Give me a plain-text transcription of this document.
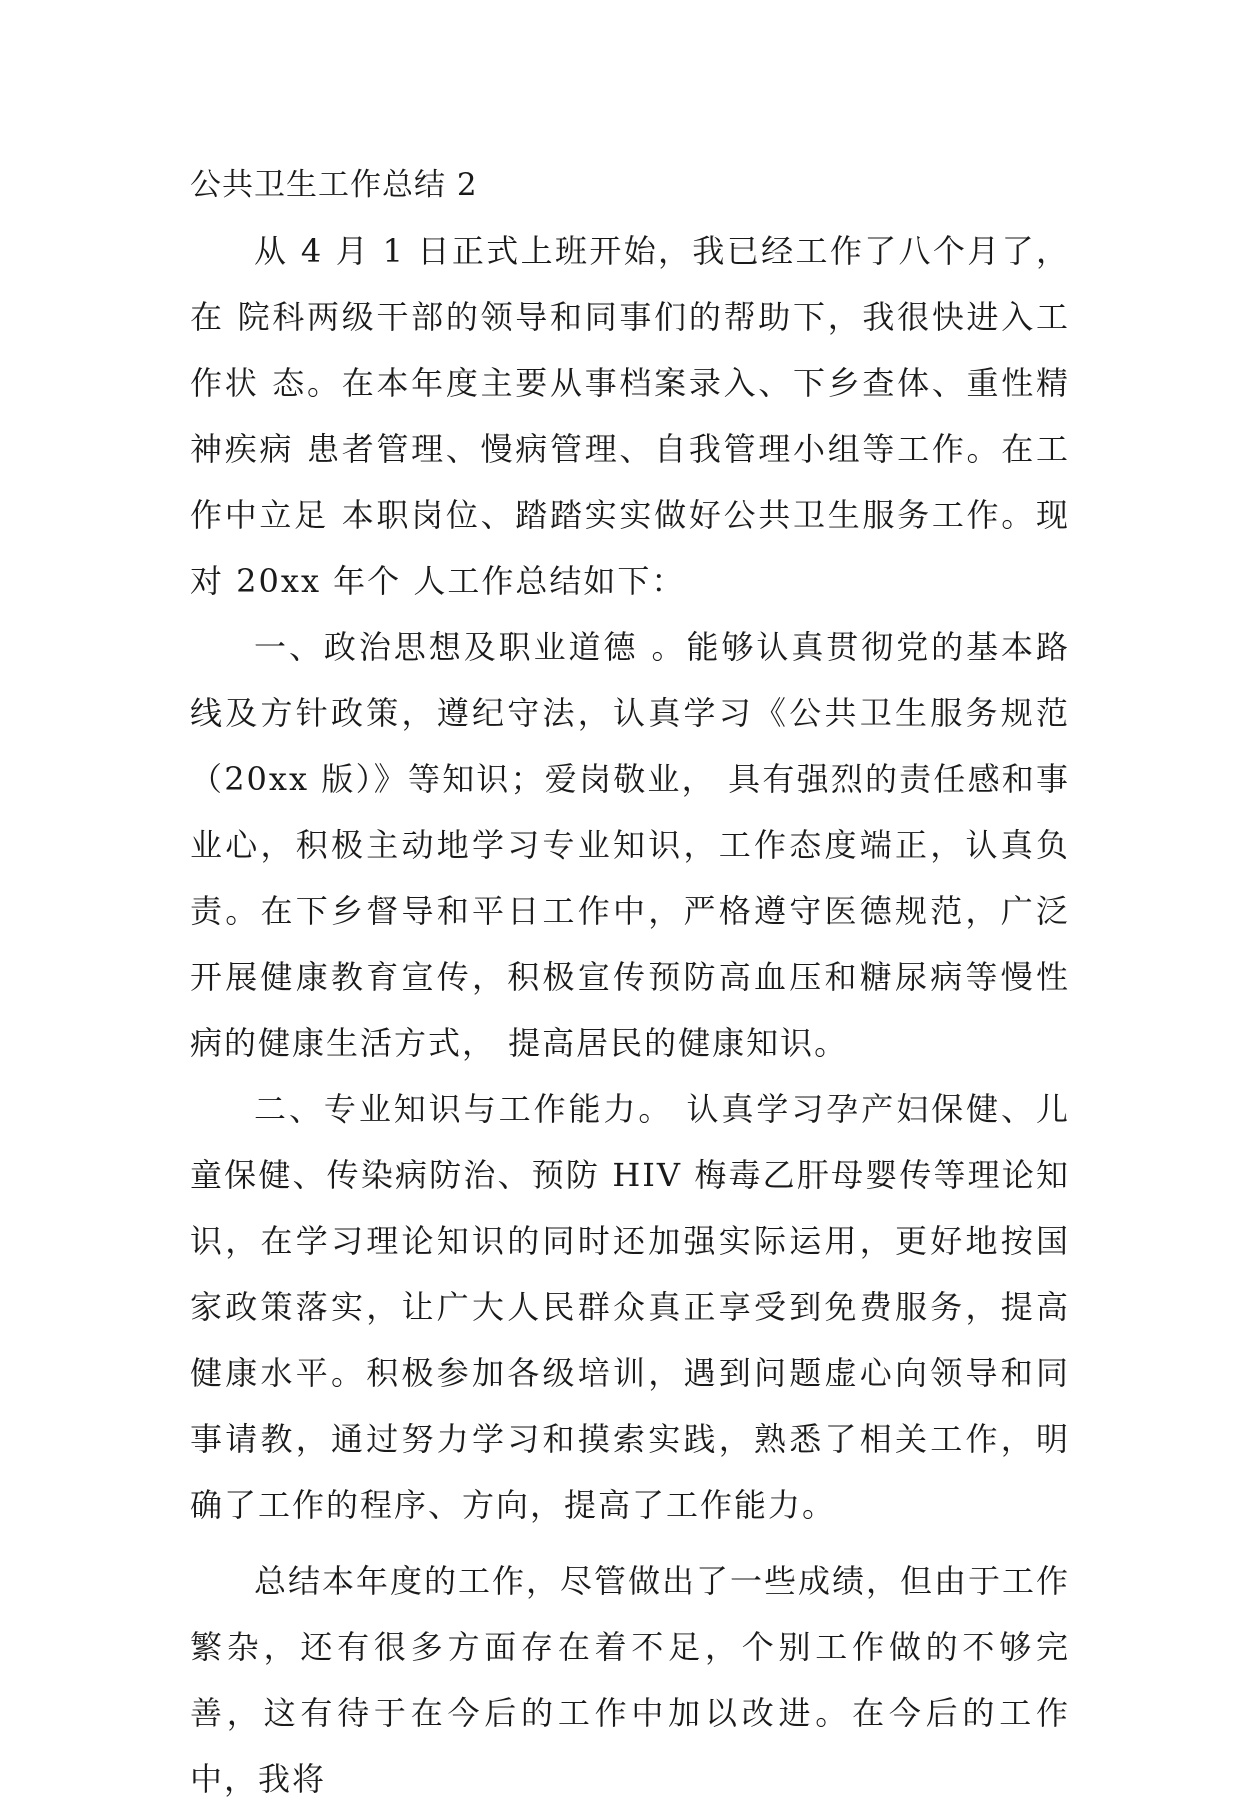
公共卫生工作总结 2

从 4 月 1 日正式上班开始，我已经工作了八个月了，在 院科两级干部的领导和同事们的帮助下，我很快进入工作状 态。在本年度主要从事档案录入、下乡查体、重性精神疾病 患者管理、慢病管理、自我管理小组等工作。在工作中立足 本职岗位、踏踏实实做好公共卫生服务工作。现对 20xx 年个 人工作总结如下：

一、政治思想及职业道德 。能够认真贯彻党的基本路线及方针政策，遵纪守法，认真学习《公共卫生服务规范（20xx 版）》等知识；爱岗敬业， 具有强烈的责任感和事业心，积极主动地学习专业知识，工作态度端正，认真负责。在下乡督导和平日工作中，严格遵守医德规范，广泛开展健康教育宣传，积极宣传预防高血压和糖尿病等慢性病的健康生活方式， 提高居民的健康知识。

二、专业知识与工作能力。 认真学习孕产妇保健、儿童保健、传染病防治、预防 HIV 梅毒乙肝母婴传等理论知识，在学习理论知识的同时还加强实际运用，更好地按国家政策落实，让广大人民群众真正享受到免费服务，提高健康水平。积极参加各级培训，遇到问题虚心向领导和同事请教，通过努力学习和摸索实践，熟悉了相关工作，明确了工作的程序、方向，提高了工作能力。

总结本年度的工作，尽管做出了一些成绩，但由于工作繁杂，还有很多方面存在着不足，个别工作做的不够完善，这有待于在今后的工作中加以改进。在今后的工作中，我将
